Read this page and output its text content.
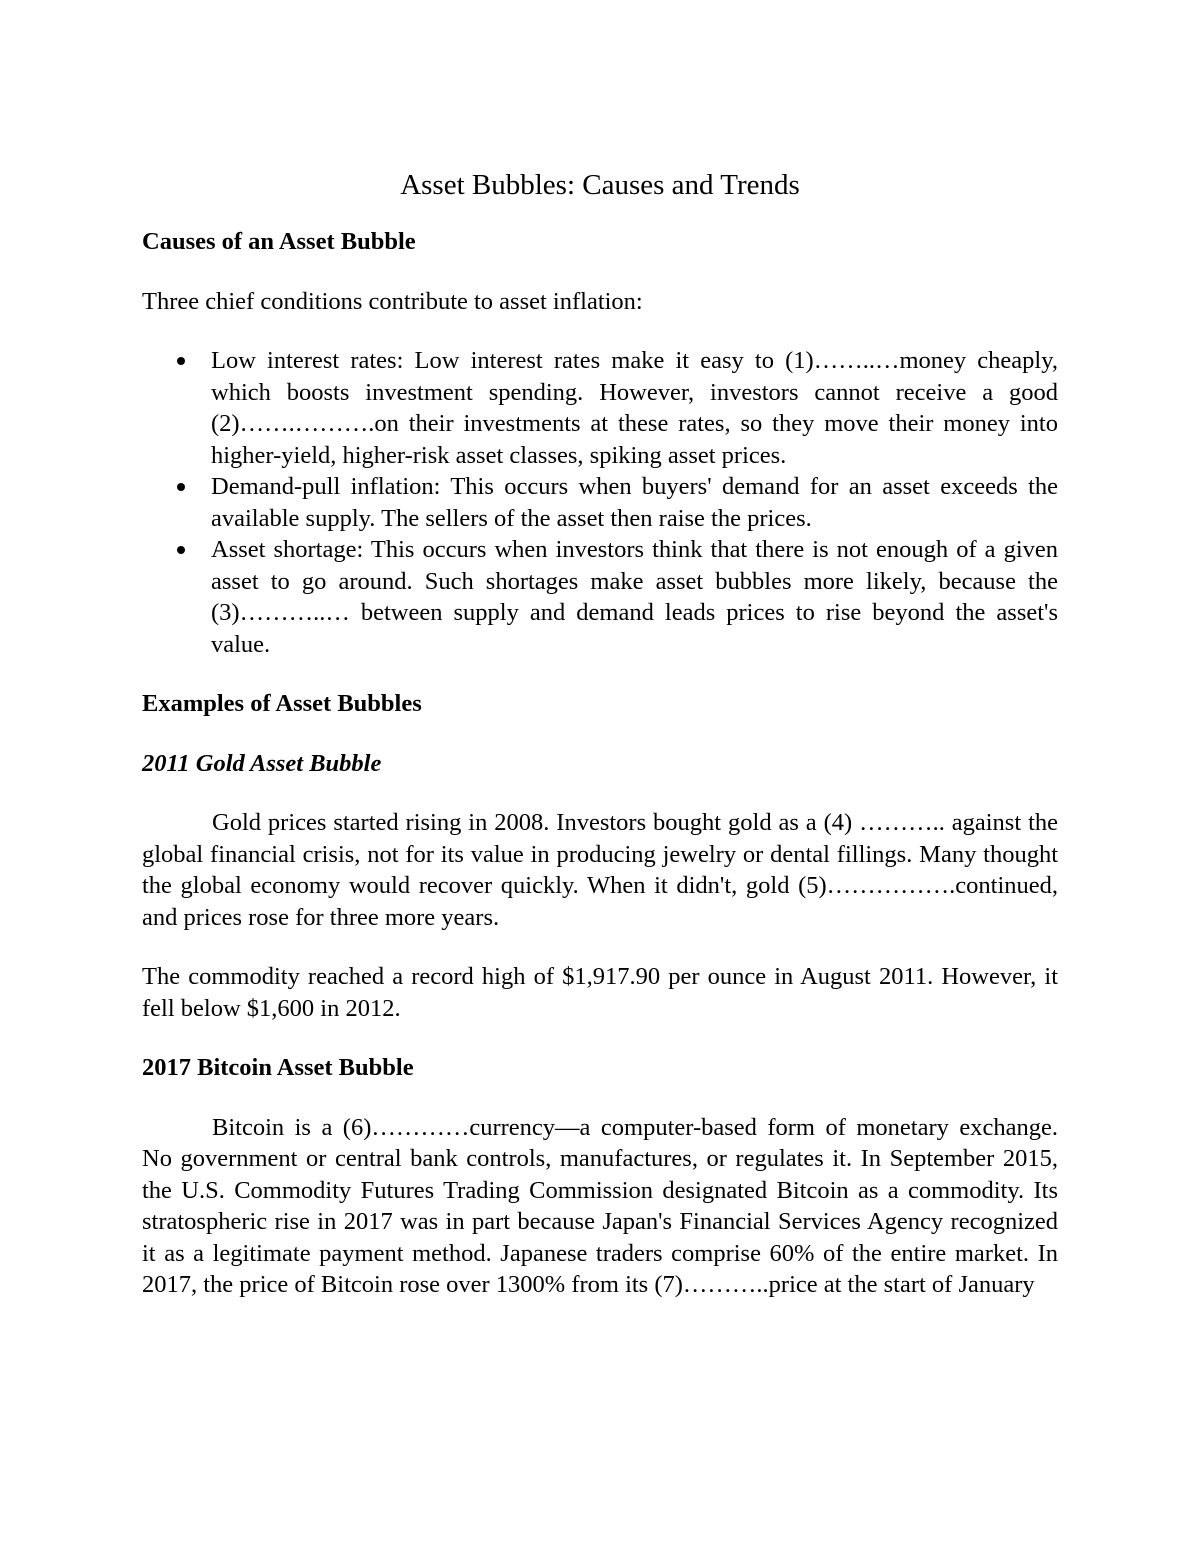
Asset Bubbles: Causes and Trends
Causes of an Asset Bubble

Three chief conditions contribute to asset inflation:

Low interest rates: Low interest rates make it easy to (1)……..…money cheaply, which boosts investment spending. However, investors cannot receive a good (2)…….……….on their investments at these rates, so they move their money into higher-yield, higher-risk asset classes, spiking asset prices.
Demand-pull inflation: This occurs when buyers' demand for an asset exceeds the available supply. The sellers of the asset then raise the prices.
Asset shortage: This occurs when investors think that there is not enough of a given asset to go around. Such shortages make asset bubbles more likely, because the (3)………..… between supply and demand leads prices to rise beyond the asset's value.
Examples of Asset Bubbles
2011 Gold Asset Bubble

Gold prices started rising in 2008. Investors bought gold as a (4) ……….. against the global financial crisis, not for its value in producing jewelry or dental fillings. Many thought the global economy would recover quickly. When it didn't, gold (5)…………….continued, and prices rose for three more years.

The commodity reached a record high of $1,917.90 per ounce in August 2011. However, it fell below $1,600 in 2012.

2017 Bitcoin Asset Bubble

Bitcoin is a (6)…………currency—a computer-based form of monetary exchange. No government or central bank controls, manufactures, or regulates it. In September 2015, the U.S. Commodity Futures Trading Commission designated Bitcoin as a commodity. Its stratospheric rise in 2017 was in part because Japan's Financial Services Agency recognized it as a legitimate payment method. Japanese traders comprise 60% of the entire market. In 2017, the price of Bitcoin rose over 1300% from its (7)………..price at the start of January
